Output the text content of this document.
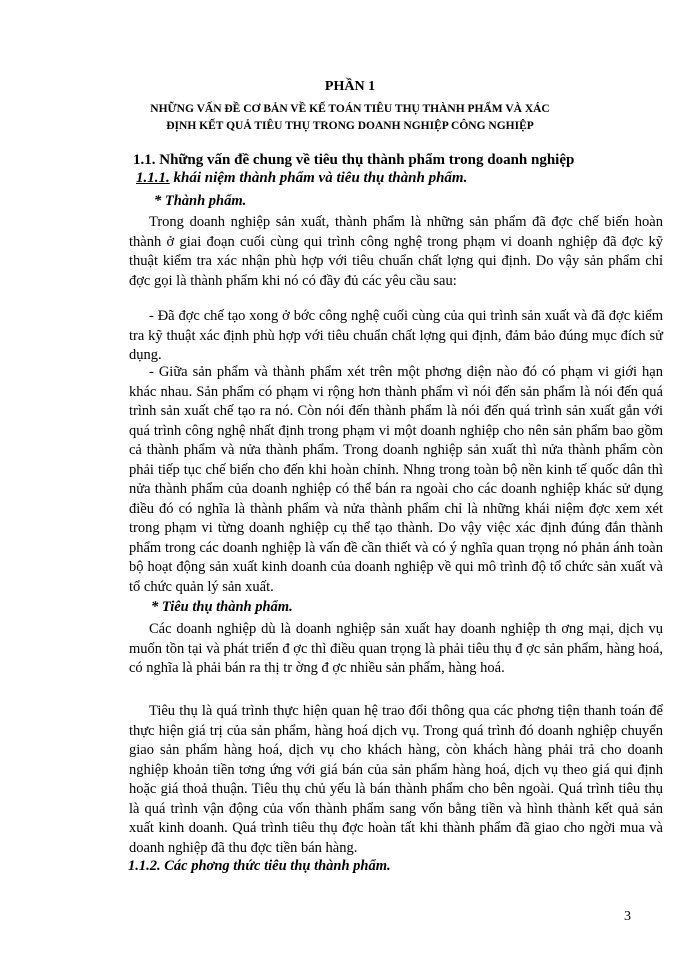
PHẦN 1
NHỮNG VẤN ĐỀ CƠ BẢN VỀ KẾ TOÁN TIÊU THỤ THÀNH PHẨM VÀ XÁC
ĐỊNH KẾT QUẢ TIÊU THỤ TRONG DOANH NGHIỆP CÔNG NGHIỆP
1.1. Những vấn đề chung về tiêu thụ thành phẩm trong doanh nghiệp
1.1.1. khái niệm thành phẩm và tiêu thụ thành phẩm.
* Thành phẩm.

Trong doanh nghiệp sản xuất, thành phẩm là những sản phẩm đã đợc chế biến hoàn thành ở giai đoạn cuối cùng qui trình công nghệ trong phạm vi doanh nghiệp đã đợc kỹ thuật kiểm tra xác nhận phù hợp với tiêu chuẩn chất lợng qui định. Do vậy sản phẩm chỉ đợc gọi là thành phẩm khi nó có đầy đủ các yêu cầu sau:

- Đã đợc chế tạo xong ở bớc công nghệ cuối cùng của qui trình sản xuất và đã đợc kiểm tra kỹ thuật xác định phù hợp với tiêu chuẩn chất lợng qui định, đảm bảo đúng mục đích sử dụng.

- Giữa sản phẩm và thành phẩm xét trên một phơng diện nào đó có phạm vi giới hạn khác nhau. Sản phẩm có phạm vi rộng hơn thành phẩm vì nói đến sản phẩm là nói đến quá trình sản xuất chế tạo ra nó. Còn nói đến thành phẩm là nói đến quá trình sản xuất gắn với quá trình công nghệ nhất định trong phạm vi một doanh nghiệp cho nên sản phẩm bao gồm cả thành phẩm và nửa thành phẩm. Trong doanh nghiệp sản xuất thì nửa thành phẩm còn phải tiếp tục chế biến cho đến khi hoàn chỉnh. Nhng trong toàn bộ nền kinh tế quốc dân thì nửa thành phẩm của doanh nghiệp có thể bán ra ngoài cho các doanh nghiệp khác sử dụng điều đó có nghĩa là thành phẩm và nửa thành phẩm chỉ là những khái niệm đợc xem xét trong phạm vi từng doanh nghiệp cụ thể tạo thành. Do vậy việc xác định đúng đắn thành phẩm trong các doanh nghiệp là vấn đề cần thiết và có ý nghĩa quan trọng nó phản ánh toàn bộ hoạt động sản xuất kinh doanh của doanh nghiệp về qui mô trình độ tổ chức sản xuất và tổ chức quản lý sản xuất.

* Tiêu thụ thành phẩm.

Các doanh nghiệp dù là doanh nghiệp sản xuất hay doanh nghiệp th ơng mại, dịch vụ muốn tồn tại và phát triển đ ợc thì điều quan trọng là phải tiêu thụ đ ợc sản phẩm, hàng hoá, có nghĩa là phải bán ra thị tr ờng đ ợc nhiều sản phẩm, hàng hoá.

Tiêu thụ là quá trình thực hiện quan hệ trao đổi thông qua các phơng tiện thanh toán để thực hiện giá trị của sản phẩm, hàng hoá dịch vụ. Trong quá trình đó doanh nghiệp chuyển giao sản phẩm hàng hoá, dịch vụ cho khách hàng, còn khách hàng phải trả cho doanh nghiệp khoản tiền tơng ứng với giá bán của sản phẩm hàng hoá, dịch vụ theo giá qui định hoặc giá thoả thuận. Tiêu thụ chủ yếu là bán thành phẩm cho bên ngoài. Quá trình tiêu thụ là quá trình vận động của vốn thành phẩm sang vốn bằng tiền và hình thành kết quả sản xuất kinh doanh. Quá trình tiêu thụ đợc hoàn tất khi thành phẩm đã giao cho ngời mua và doanh nghiệp đã thu đợc tiền bán hàng.

1.1.2. Các phơng thức tiêu thụ thành phẩm.
3
